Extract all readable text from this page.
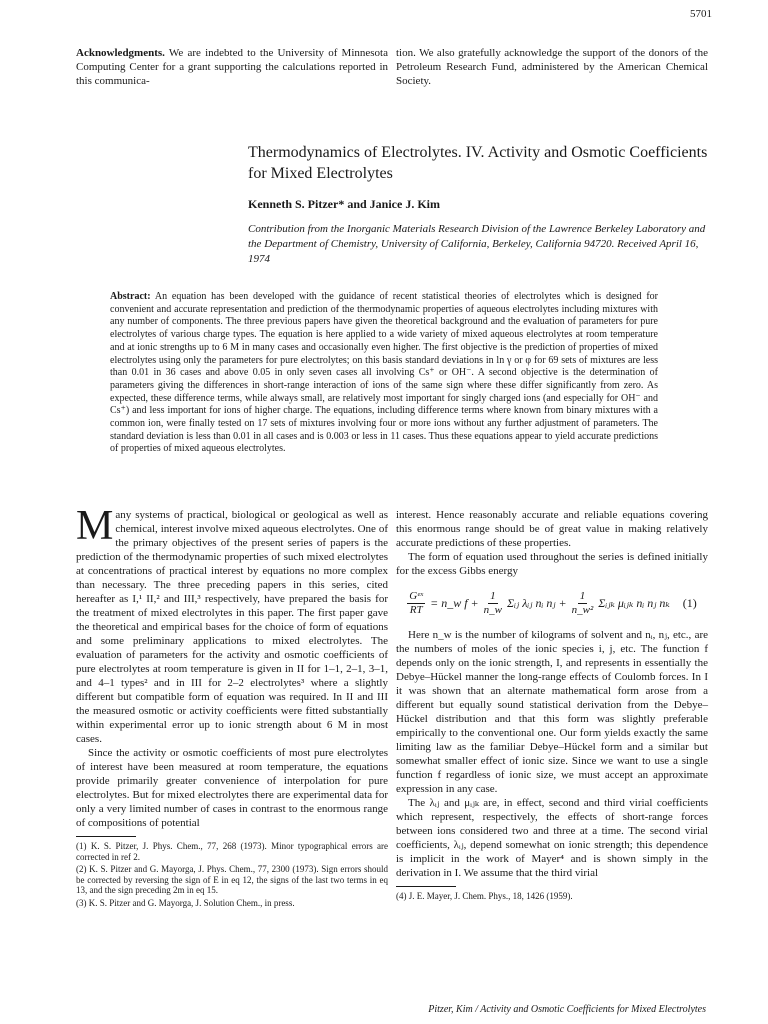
5701
Acknowledgments. We are indebted to the University of Minnesota Computing Center for a grant supporting the calculations reported in this communica-
tion. We also gratefully acknowledge the support of the donors of the Petroleum Research Fund, administered by the American Chemical Society.
Thermodynamics of Electrolytes. IV. Activity and Osmotic Coefficients for Mixed Electrolytes
Kenneth S. Pitzer* and Janice J. Kim
Contribution from the Inorganic Materials Research Division of the Lawrence Berkeley Laboratory and the Department of Chemistry, University of California, Berkeley, California 94720. Received April 16, 1974
Abstract: An equation has been developed with the guidance of recent statistical theories of electrolytes which is designed for convenient and accurate representation and prediction of the thermodynamic properties of aqueous electrolytes including mixtures with any number of components. The three previous papers have given the theoretical background and the evaluation of parameters for pure electrolytes of various charge types. The equation is here applied to a wide variety of mixed aqueous electrolytes at room temperature and at ionic strengths up to 6 M in many cases and occasionally even higher. The first objective is the prediction of properties of mixed electrolytes using only the parameters for pure electrolytes; on this basis standard deviations in ln γ or φ for 69 sets of mixtures are less than 0.01 in 36 cases and above 0.05 in only seven cases all involving Cs⁺ or OH⁻. A second objective is the determination of parameters giving the differences in short-range interaction of ions of the same sign where these differ significantly from zero. As expected, these difference terms, while always small, are relatively most important for singly charged ions (and especially for OH⁻ and Cs⁺) and less important for ions of higher charge. The equations, including difference terms where known from binary mixtures with a common ion, were finally tested on 17 sets of mixtures involving four or more ions without any further adjustment of parameters. The standard deviation is less than 0.01 in all cases and is 0.003 or less in 11 cases. Thus these equations appear to yield accurate predictions of properties of mixed aqueous electrolytes.

M any systems of practical, biological or geological as well as chemical, interest involve mixed aqueous electrolytes. One of the primary objectives of the present series of papers is the prediction of the thermodynamic properties of such mixed electrolytes at concentrations of practical interest by equations no more complex than necessary. The three preceding papers in this series, cited hereafter as I,¹ II,² and III,³ respectively, have prepared the basis for the treatment of mixed electrolytes in this paper. The first paper gave the theoretical and empirical bases for the choice of form of equations and some preliminary applications to mixed electrolytes. The evaluation of parameters for the activity and osmotic coefficients of pure electrolytes at room temperature is given in II for 1–1, 2–1, 3–1, and 4–1 types² and in III for 2–2 electrolytes³ where a slightly different but compatible form of equation was required. In II and III the measured osmotic or activity coefficients were fitted substantially within experimental error up to ionic strength about 6 M in most cases.

Since the activity or osmotic coefficients of most pure electrolytes of interest have been measured at room temperature, the equations provide primarily greater convenience of interpolation for pure electrolytes. But for mixed electrolytes there are experimental data for only a very limited number of cases in contrast to the enormous range of compositions of potential

(1) K. S. Pitzer, J. Phys. Chem., 77, 268 (1973). Minor typographical errors are corrected in ref 2.

(2) K. S. Pitzer and G. Mayorga, J. Phys. Chem., 77, 2300 (1973). Sign errors should be corrected by reversing the sign of E in eq 12, the signs of the last two terms in eq 13, and the sign preceding 2m in eq 15.

(3) K. S. Pitzer and G. Mayorga, J. Solution Chem., in press.

interest. Hence reasonably accurate and reliable equations covering this enormous range should be of great value in making relatively accurate predictions of these properties.

The form of equation used throughout the series is defined initially for the excess Gibbs energy

$\frac{\text{Gᵉˣ}}{RT}$ = n_w $f + \frac{1}{n\_w}$ Σᵢⱼ λᵢⱼ nᵢ nⱼ + $\frac{1}{\text{n\_w²}}$ Σᵢⱼₖ μᵢⱼₖ nᵢ nⱼ nₖ (1)

Here n_w is the number of kilograms of solvent and nᵢ, nⱼ, etc., are the numbers of moles of the ionic species i, j, etc. The function f depends only on the ionic strength, I, and represents in essentially the Debye–Hückel manner the long-range effects of Coulomb forces. In I it was shown that an alternate mathematical form arose from a different but equally sound statistical derivation from the Debye–Hückel distribution and that this form was slightly preferable empirically to the conventional one. Our form yields exactly the same limiting law as the familiar Debye–Hückel form and a similar but somewhat smaller effect of ionic size. Since we want to use a single function f regardless of ionic size, we must accept an approximate expression in any case.

The λᵢⱼ and μᵢⱼₖ are, in effect, second and third virial coefficients which represent, respectively, the effects of short-range forces between ions considered two and three at a time. The second virial coefficients, λᵢⱼ, depend somewhat on ionic strength; this dependence is implicit in the work of Mayer⁴ and is shown simply in the derivation in I. We assume that the third virial

(4) J. E. Mayer, J. Chem. Phys., 18, 1426 (1959).

Pitzer, Kim / Activity and Osmotic Coefficients for Mixed Electrolytes
